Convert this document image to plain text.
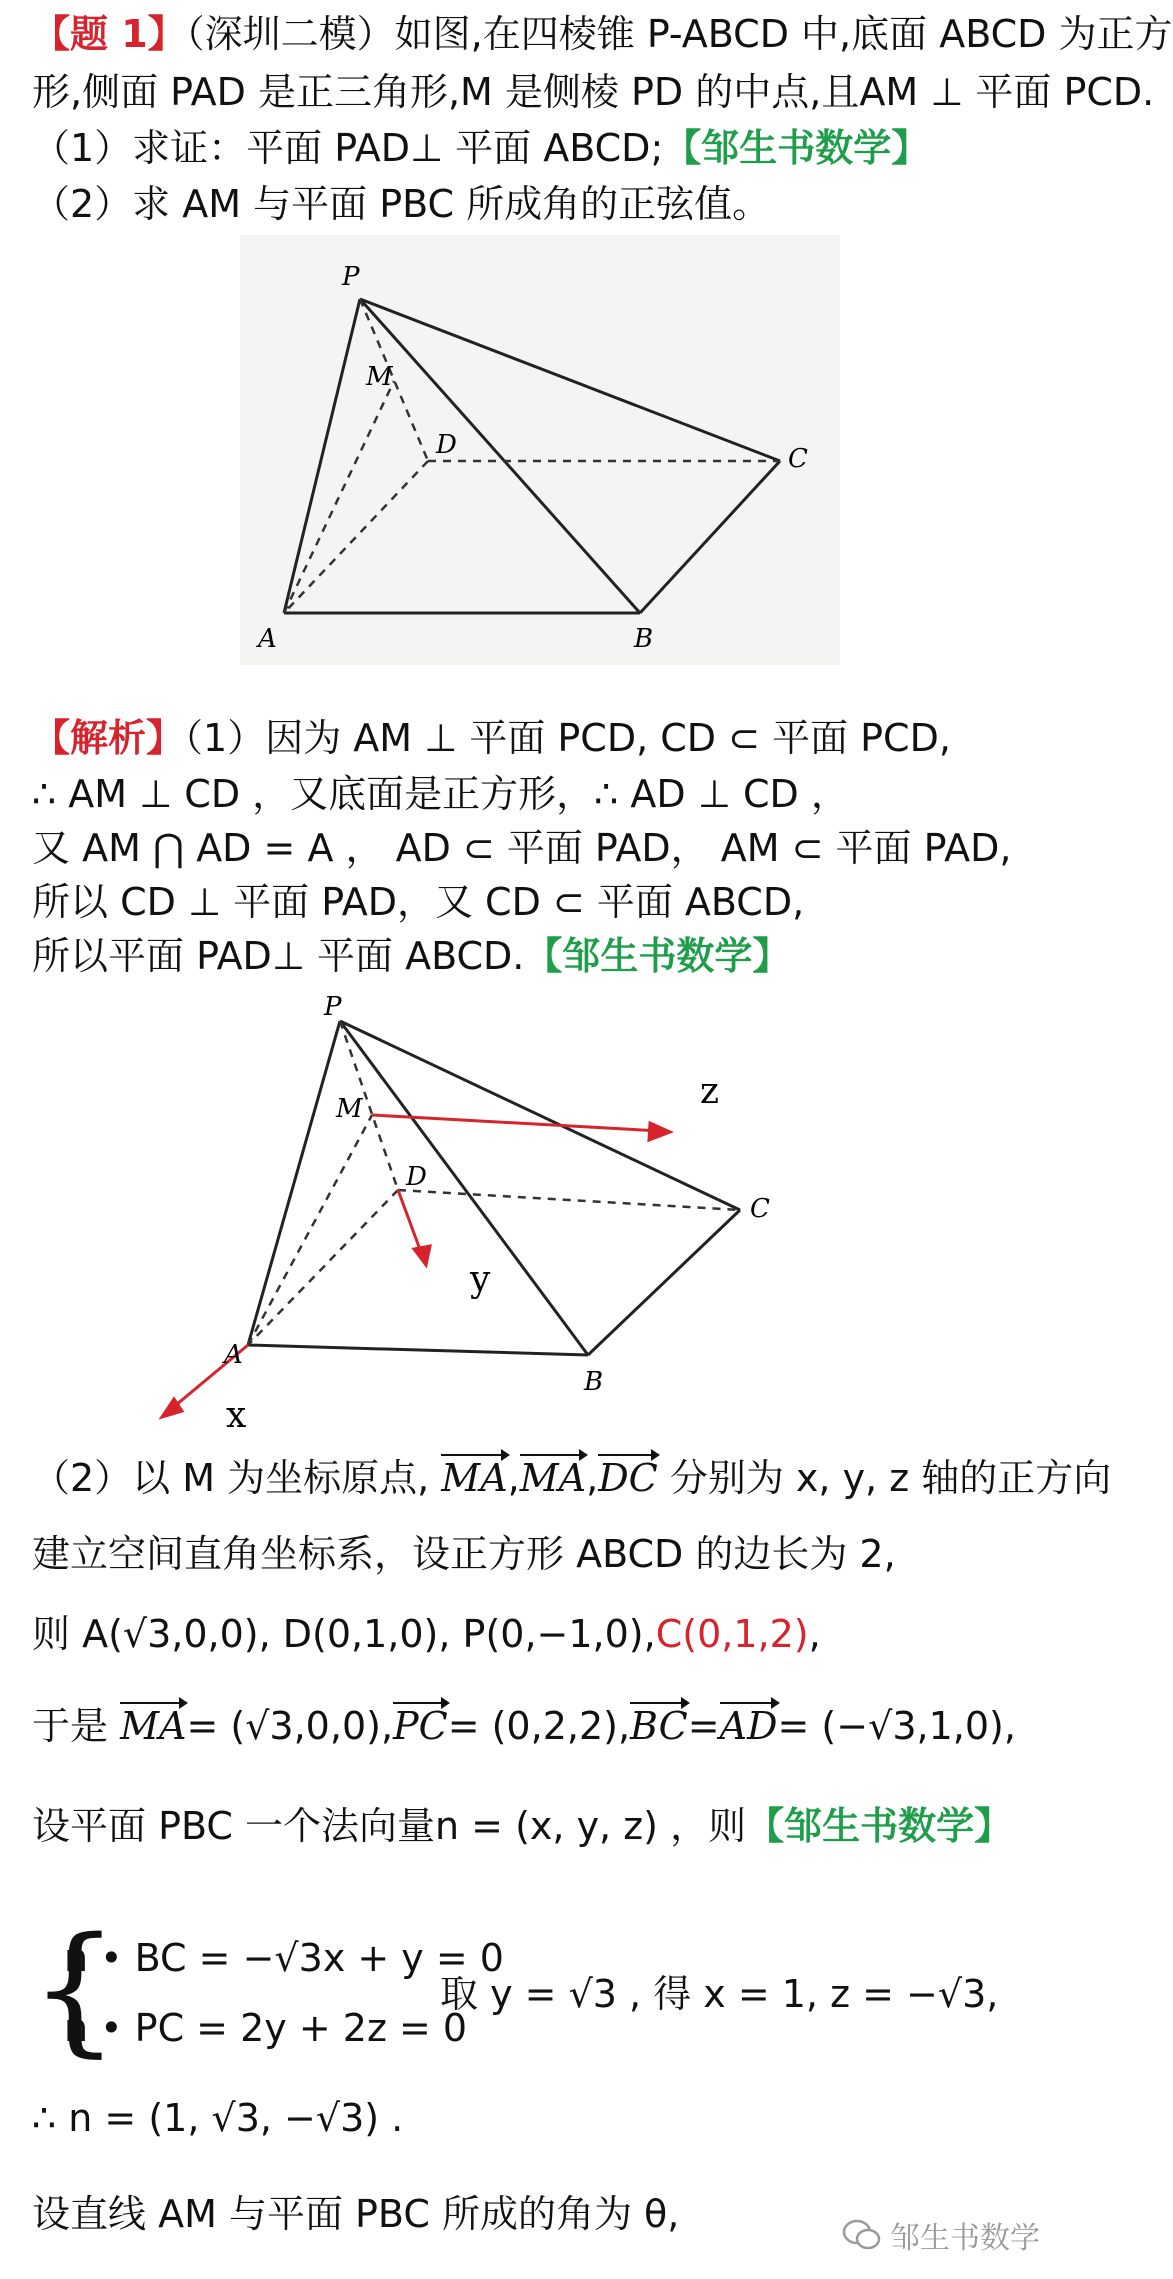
【题 1】（深圳二模）如图,在四棱锥 P-ABCD 中,底面 ABCD 为正方
形,侧面 PAD 是正三角形,M 是侧棱 PD 的中点,且AM ⊥ 平面 PCD.
（1）求证：平面 PAD⊥ 平面 ABCD;【邹生书数学】
（2）求 AM 与平面 PBC 所成角的正弦值。
P
M
D	C
A	B
【解析】（1）因为 AM ⊥ 平面 PCD, CD ⊂ 平面 PCD,
∴ AM ⊥ CD ，又底面是正方形，∴ AD ⊥ CD ，
又 AM ⋂ AD = A ， AD ⊂ 平面 PAD， AM ⊂ 平面 PAD,
所以 CD ⊥ 平面 PAD，又 CD ⊂ 平面 ABCD,
所以平面 PAD⊥ 平面 ABCD.【邹生书数学】
P
M
D
C
A
B
z
y
x
（2）以 M 为坐标原点, MA,MA,DC 分别为 x, y, z 轴的正方向
建立空间直角坐标系，设正方形 ABCD 的边长为 2,
则 A(√3,0,0), D(0,1,0), P(0,−1,0),C(0,1,2),
于是 MA= (√3,0,0),PC= (0,2,2),BC=AD= (−√3,1,0),
设平面 PBC 一个法向量n = (x, y, z) ，则【邹生书数学】
{
n • BC = −√3x + y = 0
n • PC = 2y + 2z = 0
取 y = √3 , 得 x = 1, z = −√3,
∴ n = (1, √3, −√3) .
设直线 AM 与平面 PBC 所成的角为 θ,
邹生书数学
